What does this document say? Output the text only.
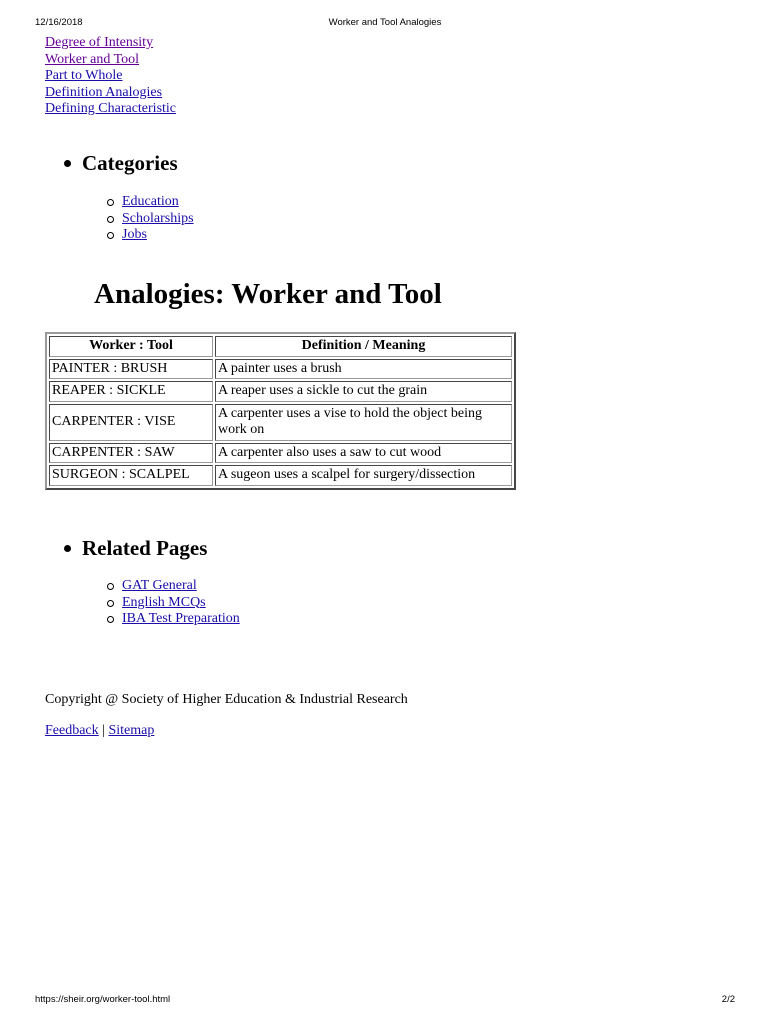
12/16/2018	Worker and Tool Analogies
Degree of Intensity
Worker and Tool
Part to Whole
Definition Analogies
Defining Characteristic
Categories
Education
Scholarships
Jobs
Analogies: Worker and Tool
Worker : Tool	Definition / Meaning
PAINTER : BRUSH	A painter uses a brush
REAPER : SICKLE	A reaper uses a sickle to cut the grain
CARPENTER : VISE	A carpenter uses a vise to hold the object being work on
CARPENTER : SAW	A carpenter also uses a saw to cut wood
SURGEON : SCALPEL	A sugeon uses a scalpel for surgery/dissection
Related Pages
GAT General
English MCQs
IBA Test Preparation
Copyright @ Society of Higher Education & Industrial Research
Feedback | Sitemap
https://sheir.org/worker-tool.html	2/2
